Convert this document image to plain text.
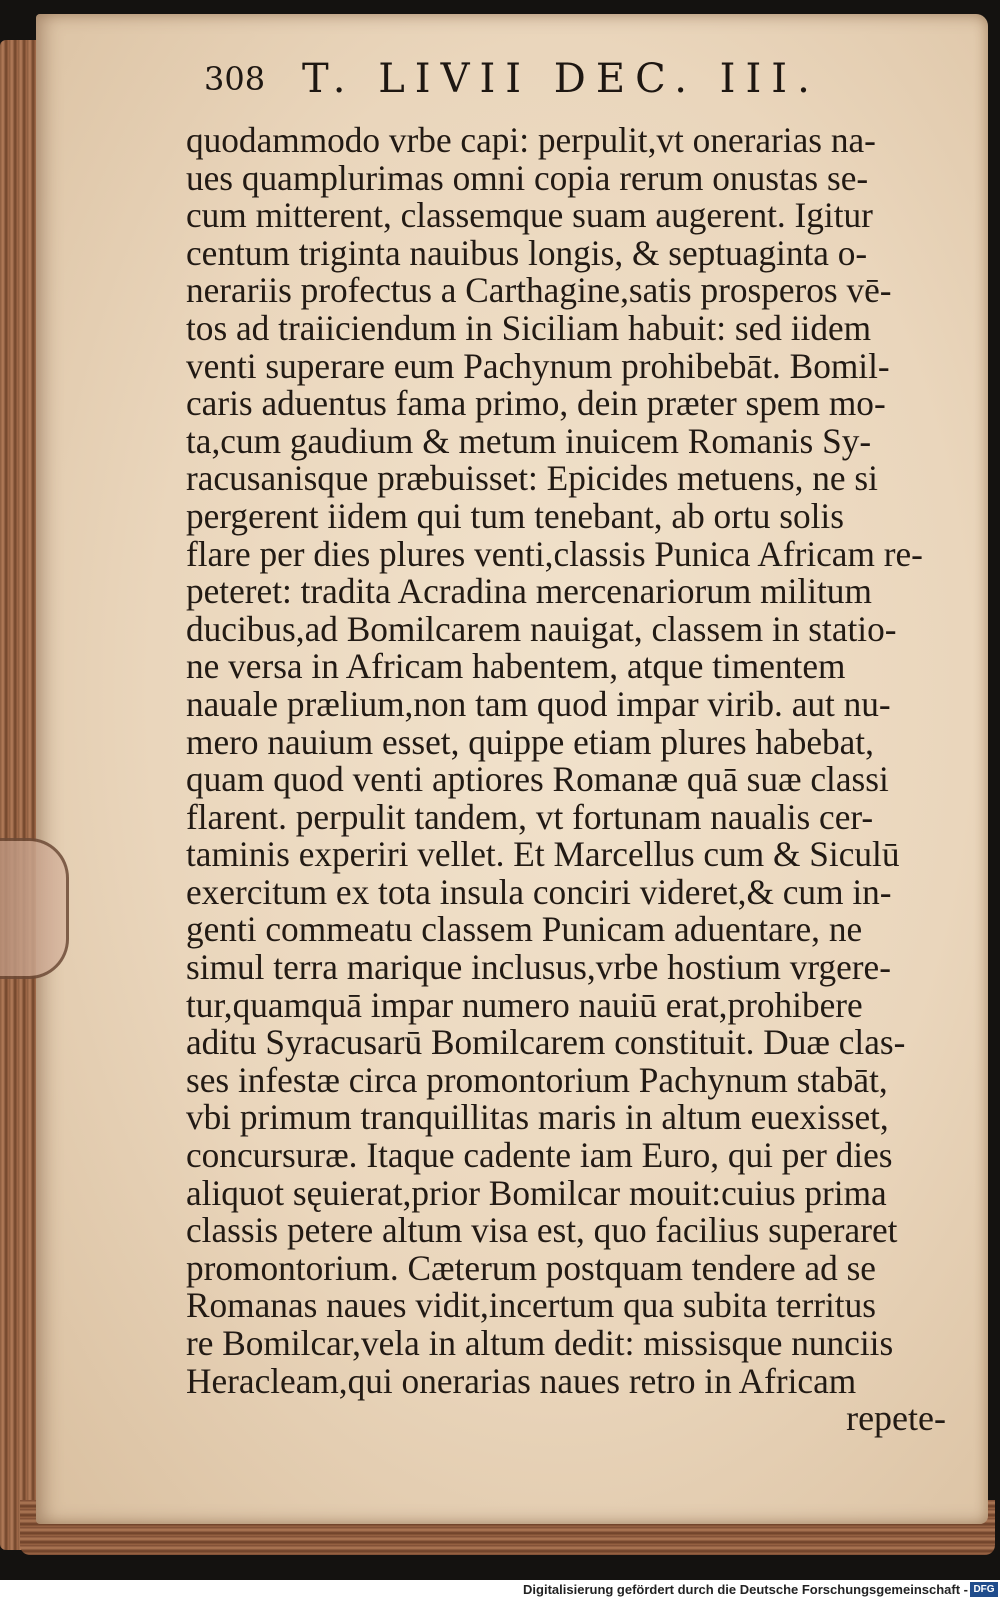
308 T. LIVII DEC. III.
quodammodo vrbe capi: perpulit,vt onerarias na-
ues quamplurimas omni copia rerum onustas se-
cum mitterent, classemque suam augerent. Igitur
centum triginta nauibus longis, & septuaginta o-
nerariis profectus a Carthagine,satis prosperos vē-
tos ad traiiciendum in Siciliam habuit: sed iidem
venti superare eum Pachynum prohibebāt. Bomil-
caris aduentus fama primo, dein præter spem mo-
ta,cum gaudium & metum inuicem Romanis Sy-
racusanisque præbuisset: Epicides metuens, ne si
pergerent iidem qui tum tenebant, ab ortu solis
flare per dies plures venti,classis Punica Africam re-
peteret: tradita Acradina mercenariorum militum
ducibus,ad Bomilcarem nauigat, classem in statio-
ne versa in Africam habentem, atque timentem
nauale prælium,non tam quod impar virib. aut nu-
mero nauium esset, quippe etiam plures habebat,
quam quod venti aptiores Romanæ quā suæ classi
flarent. perpulit tandem, vt fortunam naualis cer-
taminis experiri vellet. Et Marcellus cum & Siculū
exercitum ex tota insula conciri videret,& cum in-
genti commeatu classem Punicam aduentare, ne
simul terra marique inclusus,vrbe hostium vrgere-
tur,quamquā impar numero nauiū erat,prohibere
aditu Syracusarū Bomilcarem constituit. Duæ clas-
ses infestæ circa promontorium Pachynum stabāt,
vbi primum tranquillitas maris in altum euexisset,
concursuræ. Itaque cadente iam Euro, qui per dies
aliquot sęuierat,prior Bomilcar mouit:cuius prima
classis petere altum visa est, quo facilius superaret
promontorium. Cæterum postquam tendere ad se
Romanas naues vidit,incertum qua subita territus
re Bomilcar,vela in altum dedit: missisque nunciis
Heracleam,qui onerarias naues retro in Africam
repete-
Digitalisierung gefördert durch die Deutsche Forschungsgemeinschaft - DFG
